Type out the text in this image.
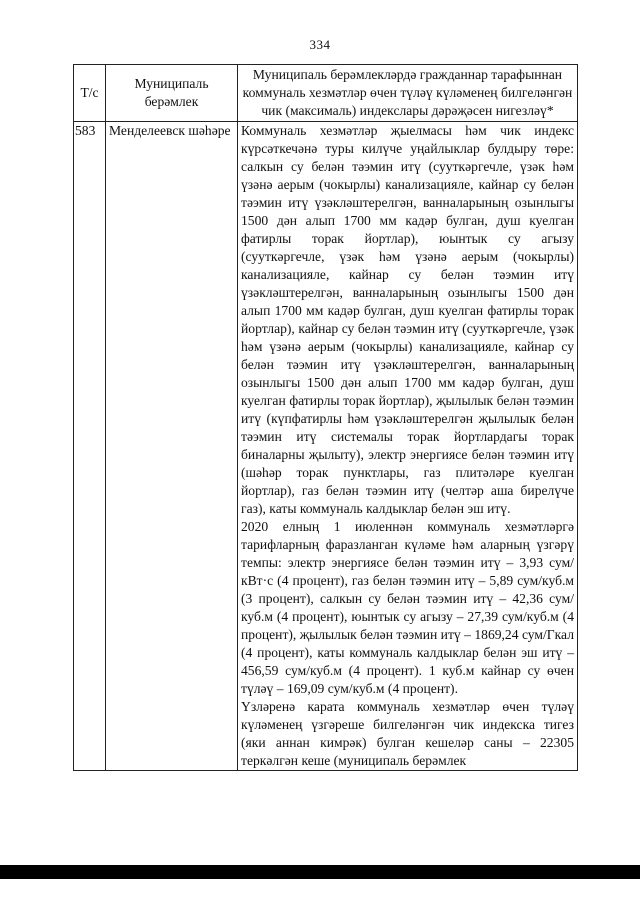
334
Т/с	Муниципаль берәмлек	Муниципаль берәмлекләрдә гражданнар тарафыннан коммуналь хезмәтләр өчен түләү күләменең билгеләнгән чик (максималь) индекслары дәрәҗәсен нигезләү*
583	Менделеевск шәһәре	Коммуналь хезмәтләр җыелмасы һәм чик индекс күрсәткечәнә туры килүче уңайлыклар булдыру төре: салкын су белән тәэмин итү (сууткәргечле, үзәк һәм үзәнә аерым (чокырлы) канализацияле, кайнар су белән тәэмин итү үзәкләштерелгән, ванналарының озынлыгы 1500 дән алып 1700 мм кадәр булган, душ куелган фатирлы торак йортлар), юынтык су агызу (сууткәргечле, үзәк һәм үзәнә аерым (чокырлы) канализацияле, кайнар су белән тәэмин итү үзәкләштерелгән, ванналарының озынлыгы 1500 дән алып 1700 мм кадәр булган, душ куелган фатирлы торак йортлар), кайнар су белән тәэмин итү (сууткәргечле, үзәк һәм үзәнә аерым (чокырлы) канализацияле, кайнар су белән тәэмин итү үзәкләштерелгән, ванналарының озынлыгы 1500 дән алып 1700 мм кадәр булган, душ куелган фатирлы торак йортлар), җылылык белән тәэмин итү (күпфатирлы һәм үзәкләштерелгән җылылык белән тәэмин итү системалы торак йортлардагы торак биналарны җылыту), электр энергиясе белән тәэмин итү (шәһәр торак пунктлары, газ плитәләре куелган йортлар), газ белән тәэмин итү (челтәр аша бирелүче газ), каты коммуналь калдыклар белән эш итү.

2020 елның 1 июленнән коммуналь хезмәтләргә тарифларның фаразланган күләме һәм аларның үзгәрү темпы: электр энергиясе белән тәэмин итү – 3,93 сум/кВт·с (4 процент), газ белән тәэмин итү – 5,89 сум/куб.м (3 процент), салкын су белән тәэмин итү – 42,36 сум/куб.м (4 процент), юынтык су агызу – 27,39 сум/куб.м (4 процент), җылылык белән тәэмин итү – 1869,24 сум/Гкал (4 процент), каты коммуналь калдыклар белән эш итү – 456,59 сум/куб.м (4 процент). 1 куб.м кайнар су өчен түләү – 169,09 сум/куб.м (4 процент).

Үзләренә карата коммуналь хезмәтләр өчен түләү күләменең үзгәреше билгеләнгән чик индекска тигез (яки аннан кимрәк) булган кешеләр саны – 22305 теркәлгән кеше (муниципаль берәмлек
